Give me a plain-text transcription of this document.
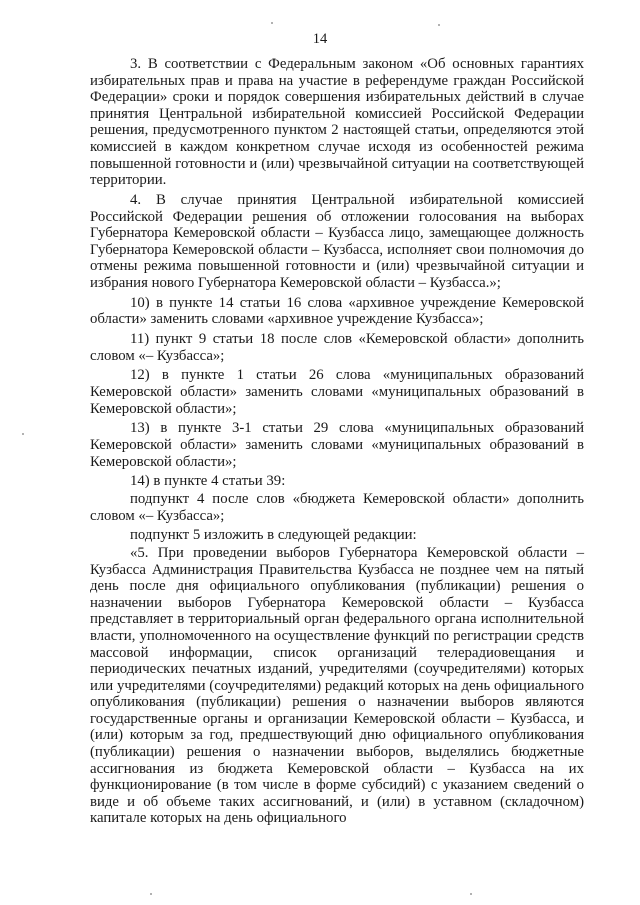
14

3. В соответствии с Федеральным законом «Об основных гарантиях избирательных прав и права на участие в референдуме граждан Российской Федерации» сроки и порядок совершения избирательных действий в случае принятия Центральной избирательной комиссией Российской Федерации решения, предусмотренного пунктом 2 настоящей статьи, определяются этой комиссией в каждом конкретном случае исходя из особенностей режима повышенной готовности и (или) чрезвычайной ситуации на соответствующей территории.

4. В случае принятия Центральной избирательной комиссией Российской Федерации решения об отложении голосования на выборах Губернатора Кемеровской области – Кузбасса лицо, замещающее должность Губернатора Кемеровской области – Кузбасса, исполняет свои полномочия до отмены режима повышенной готовности и (или) чрезвычайной ситуации и избрания нового Губернатора Кемеровской области – Кузбасса.»;

10) в пункте 14 статьи 16 слова «архивное учреждение Кемеровской области» заменить словами «архивное учреждение Кузбасса»;

11) пункт 9 статьи 18 после слов «Кемеровской области» дополнить словом «– Кузбасса»;

12) в пункте 1 статьи 26 слова «муниципальных образований Кемеровской области» заменить словами «муниципальных образований в Кемеровской области»;

13) в пункте 3-1 статьи 29 слова «муниципальных образований Кемеровской области» заменить словами «муниципальных образований в Кемеровской области»;

14) в пункте 4 статьи 39:

подпункт 4 после слов «бюджета Кемеровской области» дополнить словом «– Кузбасса»;

подпункт 5 изложить в следующей редакции:

«5. При проведении выборов Губернатора Кемеровской области – Кузбасса Администрация Правительства Кузбасса не позднее чем на пятый день после дня официального опубликования (публикации) решения о назначении выборов Губернатора Кемеровской области – Кузбасса представляет в территориальный орган федерального органа исполнительной власти, уполномоченного на осуществление функций по регистрации средств массовой информации, список организаций телерадиовещания и периодических печатных изданий, учредителями (соучредителями) которых или учредителями (соучредителями) редакций которых на день официального опубликования (публикации) решения о назначении выборов являются государственные органы и организации Кемеровской области – Кузбасса, и (или) которым за год, предшествующий дню официального опубликования (публикации) решения о назначении выборов, выделялись бюджетные ассигнования из бюджета Кемеровской области – Кузбасса на их функционирование (в том числе в форме субсидий) с указанием сведений о виде и об объеме таких ассигнований, и (или) в уставном (складочном) капитале которых на день официального
